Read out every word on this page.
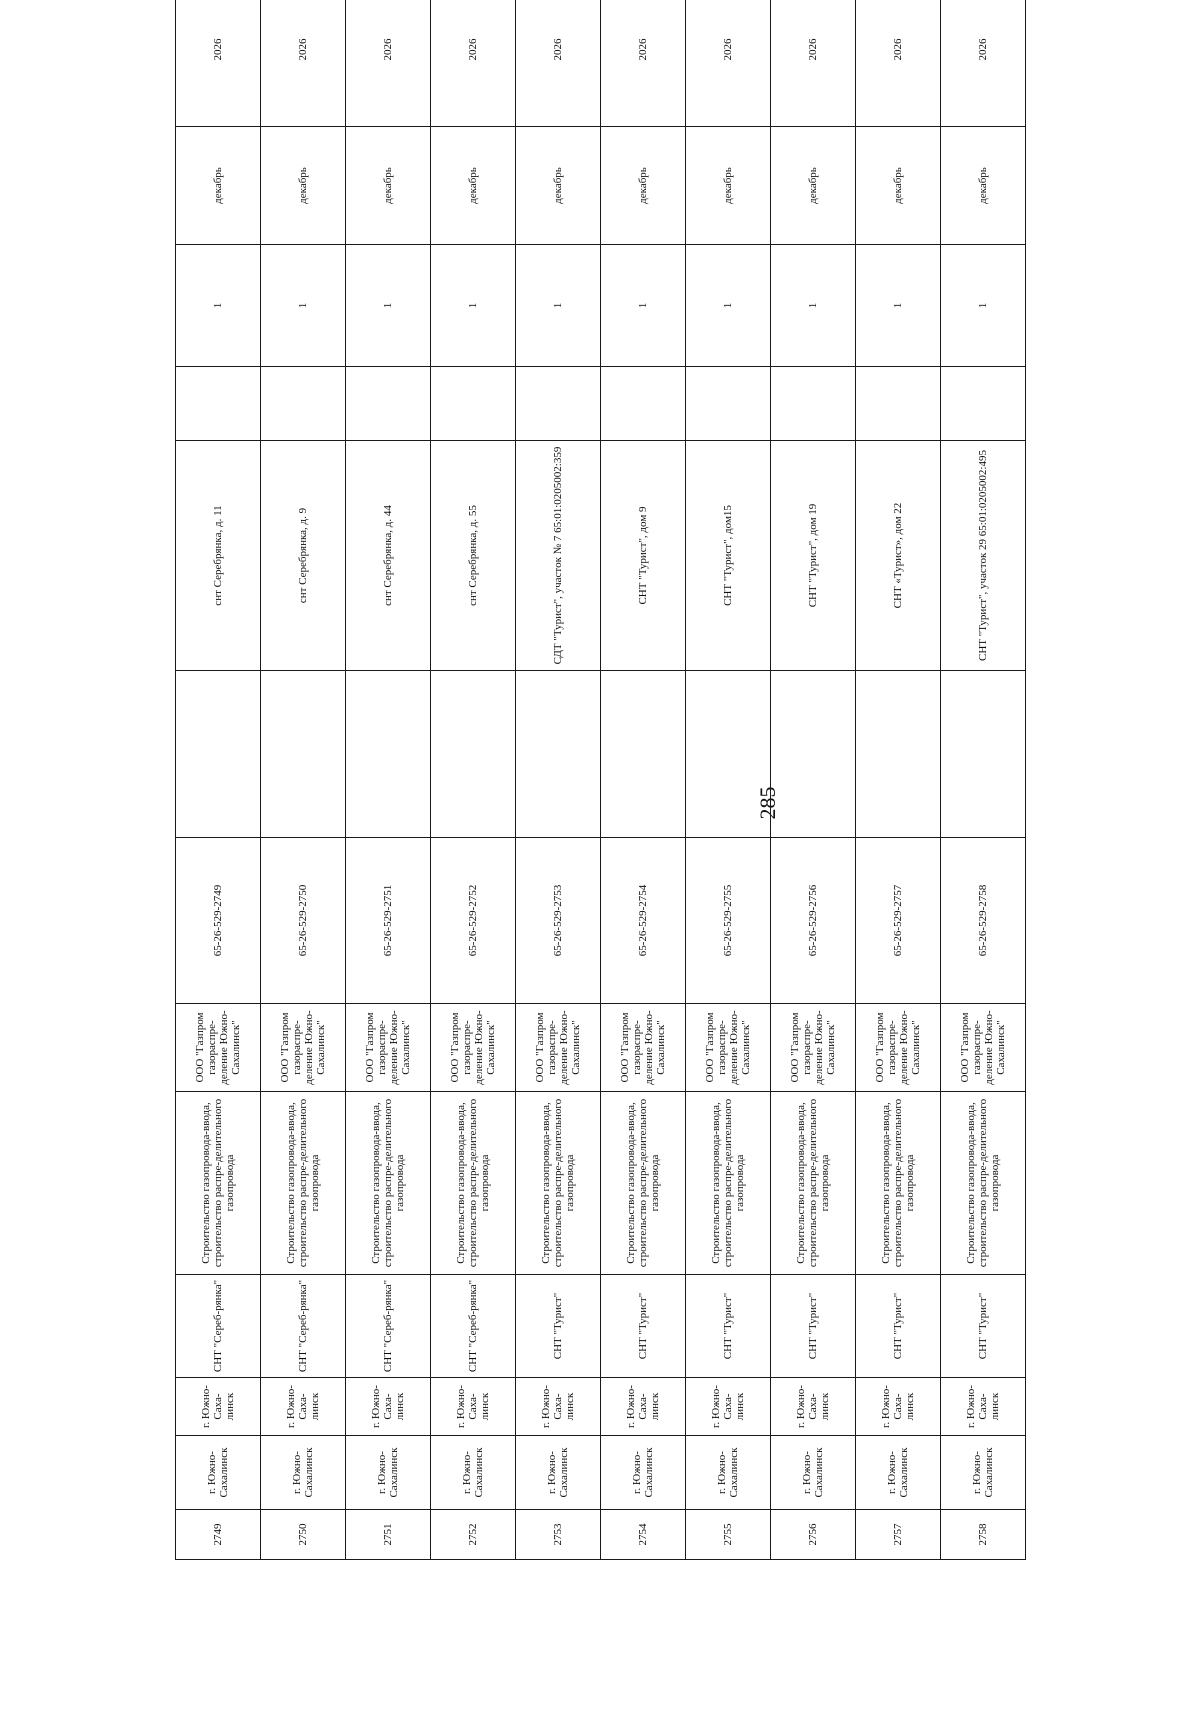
285
2749	г. Южно-Сахалинск	г. Южно-Саха-линск	СНТ "Сереб-рянка"	Строительство газопровода-ввода, строительство распре-делительного газопровода	ООО "Газпром газораспре-деление Южно-Сахалинск"	65-26-529-2749		снт Серебрянка, д. 11		1	декабрь	2026
2750	г. Южно-Сахалинск	г. Южно-Саха-линск	СНТ "Сереб-рянка"	Строительство газопровода-ввода, строительство распре-делительного газопровода	ООО "Газпром газораспре-деление Южно-Сахалинск"	65-26-529-2750		снт Серебрянка, д. 9		1	декабрь	2026
2751	г. Южно-Сахалинск	г. Южно-Саха-линск	СНТ "Сереб-рянка"	Строительство газопровода-ввода, строительство распре-делительного газопровода	ООО "Газпром газораспре-деление Южно-Сахалинск"	65-26-529-2751		снт Серебрянка, д. 44		1	декабрь	2026
2752	г. Южно-Сахалинск	г. Южно-Саха-линск	СНТ "Сереб-рянка"	Строительство газопровода-ввода, строительство распре-делительного газопровода	ООО "Газпром газораспре-деление Южно-Сахалинск"	65-26-529-2752		снт Серебрянка, д. 55		1	декабрь	2026
2753	г. Южно-Сахалинск	г. Южно-Саха-линск	СНТ "Турист"	Строительство газопровода-ввода, строительство распре-делительного газопровода	ООО "Газпром газораспре-деление Южно-Сахалинск"	65-26-529-2753		СДТ "Турист", участок № 7 65:01:0205002:359		1	декабрь	2026
2754	г. Южно-Сахалинск	г. Южно-Саха-линск	СНТ "Турист"	Строительство газопровода-ввода, строительство распре-делительного газопровода	ООО "Газпром газораспре-деление Южно-Сахалинск"	65-26-529-2754		СНТ "Турист", дом 9		1	декабрь	2026
2755	г. Южно-Сахалинск	г. Южно-Саха-линск	СНТ "Турист"	Строительство газопровода-ввода, строительство распре-делительного газопровода	ООО "Газпром газораспре-деление Южно-Сахалинск"	65-26-529-2755		СНТ "Турист", дом15		1	декабрь	2026
2756	г. Южно-Сахалинск	г. Южно-Саха-линск	СНТ "Турист"	Строительство газопровода-ввода, строительство распре-делительного газопровода	ООО "Газпром газораспре-деление Южно-Сахалинск"	65-26-529-2756		СНТ "Турист", дом 19		1	декабрь	2026
2757	г. Южно-Сахалинск	г. Южно-Саха-линск	СНТ "Турист"	Строительство газопровода-ввода, строительство распре-делительного газопровода	ООО "Газпром газораспре-деление Южно-Сахалинск"	65-26-529-2757		СНТ «Турист», дом 22		1	декабрь	2026
2758	г. Южно-Сахалинск	г. Южно-Саха-линск	СНТ "Турист"	Строительство газопровода-ввода, строительство распре-делительного газопровода	ООО "Газпром газораспре-деление Южно-Сахалинск"	65-26-529-2758		СНТ "Турист", участок 29 65:01:0205002:495		1	декабрь	2026
